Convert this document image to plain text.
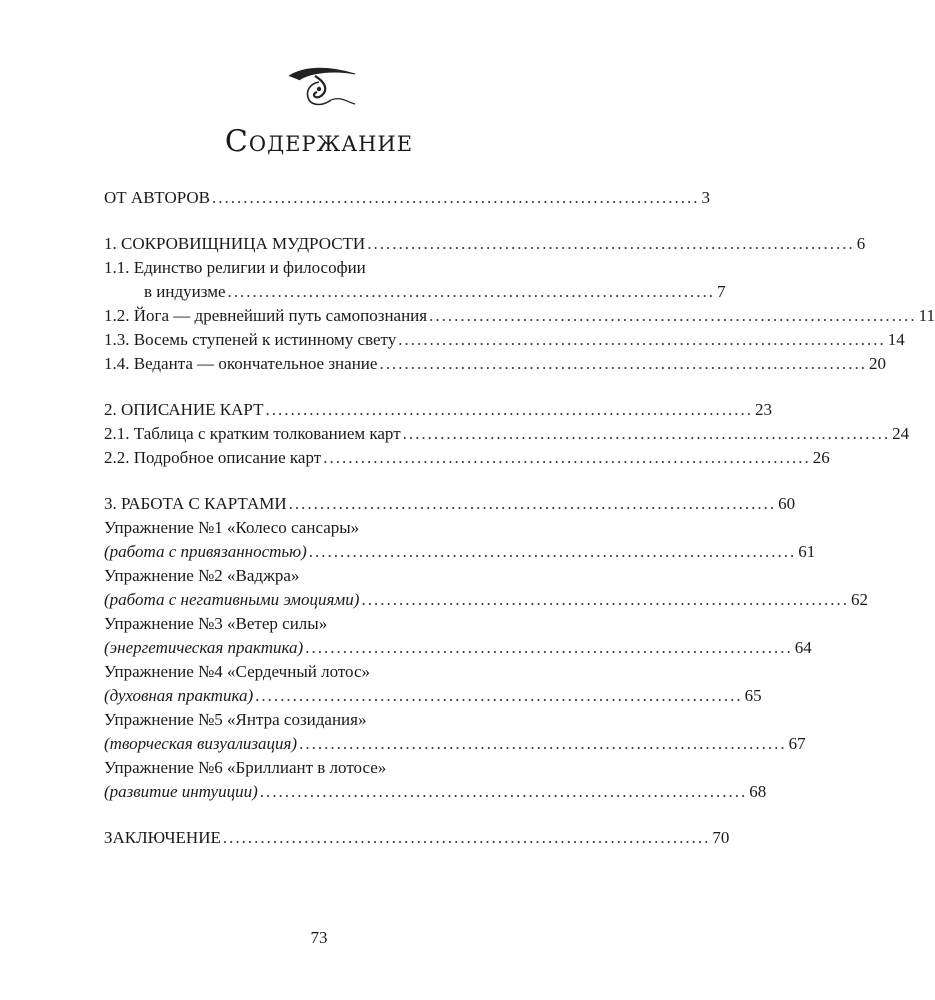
Содержание
ОТ АВТОРОВ .............................................................................. 3
1. СОКРОВИЩНИЦА МУДРОСТИ .............................................................................. 6
1.1. Единство религии и философии
в индуизме .............................................................................. 7
1.2. Йога — древнейший путь самопознания .............................................................................. 11
1.3. Восемь ступеней к истинному свету .............................................................................. 14
1.4. Веданта — окончательное знание .............................................................................. 20
2. ОПИСАНИЕ КАРТ .............................................................................. 23
2.1. Таблица с кратким толкованием карт .............................................................................. 24
2.2. Подробное описание карт .............................................................................. 26
3. РАБОТА С КАРТАМИ .............................................................................. 60
Упражнение №1 «Колесо сансары»
(работа с привязанностью) .............................................................................. 61
Упражнение №2 «Ваджра»
(работа с негативными эмоциями) .............................................................................. 62
Упражнение №3 «Ветер силы»
(энергетическая практика) .............................................................................. 64
Упражнение №4 «Сердечный лотос»
(духовная практика) .............................................................................. 65
Упражнение №5 «Янтра созидания»
(творческая визуализация) .............................................................................. 67
Упражнение №6 «Бриллиант в лотосе»
(развитие интуиции) .............................................................................. 68
ЗАКЛЮЧЕНИЕ .............................................................................. 70
73
